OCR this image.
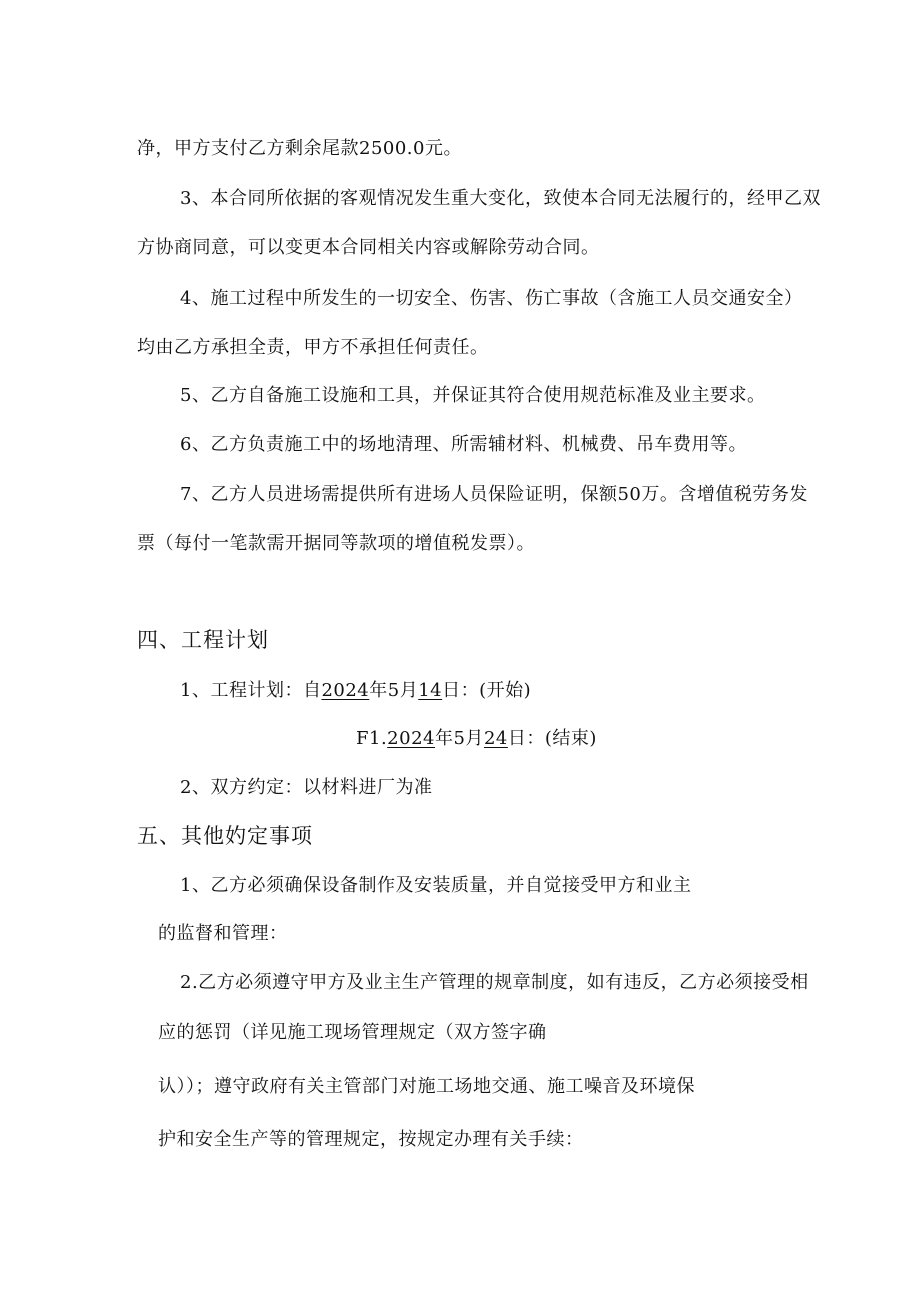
净，甲方支付乙方剩余尾款2500.0元。
3、本合同所依据的客观情况发生重大变化，致使本合同无法履行的，经甲乙双
方协商同意，可以变更本合同相关内容或解除劳动合同。
4、施工过程中所发生的一切安全、伤害、伤亡事故（含施工人员交通安全）
均由乙方承担全责，甲方不承担任何责任。
5、乙方自备施工设施和工具，并保证其符合使用规范标准及业主要求。
6、乙方负责施工中的场地清理、所需辅材料、机械费、吊车费用等。
7、乙方人员进场需提供所有进场人员保险证明，保额50万。含增值税劳务发
票（每付一笔款需开据同等款项的增值税发票）。
四、工程计划
1、工程计划：自2024年5月14日：(开始)
F1.2024年5月24日：(结束)
2、双方约定：以材料进厂为准
五、其他妁定事项
1、乙方必须确保设备制作及安装质量，并自觉接受甲方和业主
的监督和管理：
2.乙方必须遵守甲方及业主生产管理的规章制度，如有违反，乙方必须接受相
应的惩罚（详见施工现场管理规定（双方签字确
认））；遵守政府有关主管部门对施工场地交通、施工噪音及环境保
护和安全生产等的管理规定，按规定办理有关手续：
